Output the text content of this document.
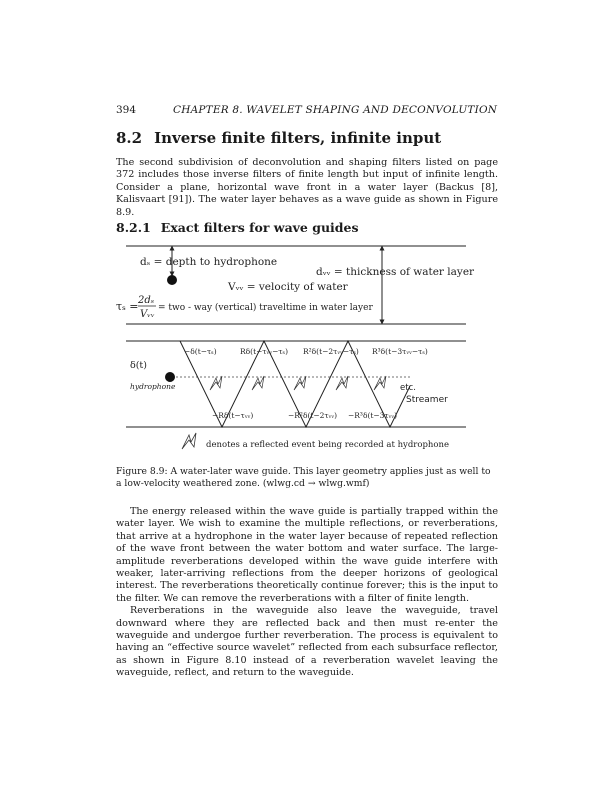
394	CHAPTER 8. WAVELET SHAPING AND DECONVOLUTION
8.2 Inverse finite filters, infinite input

The second subdivision of deconvolution and shaping filters listed on page 372 includes those inverse filters of finite length but input of infinite length. Consider a plane, horizontal wave front in a water layer (Backus [8], Kalisvaart [91]). The water layer behaves as a wave guide as shown in Figure 8.9.

8.2.1 Exact filters for wave guides
dₛ = depth to hydrophone
dᵥᵥ = thickness of water layer
Vᵥᵥ = velocity of water
τₛ = 2dₛ
Vᵥᵥ
= two - way (vertical) traveltime in water layer
δ(t)
hydrophone
−δ(t−τₛ)	Rδ(t−τᵥᵥ−τₛ) R²δ(t−2τᵥᵥ−τₛ) R³δ(t−3τᵥᵥ−τₛ)
−Rδ(t−τᵥᵥ)	−R²δ(t−2τᵥᵥ) −R³δ(t−3τᵥᵥ)
etc.
Streamer
denotes a reflected event being recorded at hydrophone
Figure 8.9: A water-later wave guide. This layer geometry applies just as well to a low-velocity weathered zone. (wlwg.cd → wlwg.wmf)

The energy released within the wave guide is partially trapped within the water layer. We wish to examine the multiple reflections, or reverberations, that arrive at a hydrophone in the water layer because of repeated reflection of the wave front between the water bottom and water surface. The large-amplitude reverberations developed within the wave guide interfere with weaker, later-arriving reflections from the deeper horizons of geological interest. The reverberations theoretically continue forever; this is the input to the filter. We can remove the reverberations with a filter of finite length.

Reverberations in the waveguide also leave the waveguide, travel downward where they are reflected back and then must re-enter the waveguide and undergoe further reverberation. The process is equivalent to having an “effective source wavelet” reflected from each subsurface reflector, as shown in Figure 8.10 instead of a reverberation wavelet leaving the waveguide, reflect, and return to the waveguide.
